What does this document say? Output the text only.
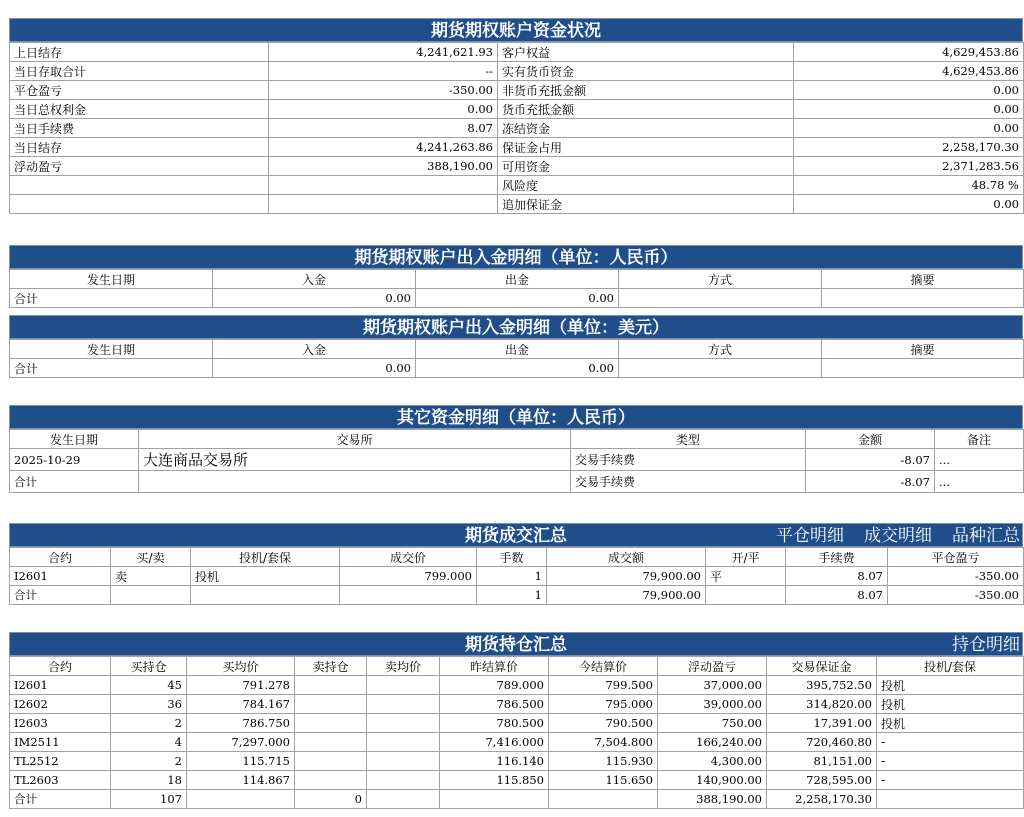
期货期权账户资金状况
上日结存	4,241,621.93	客户权益	4,629,453.86
当日存取合计	--	实有货币资金	4,629,453.86
平仓盈亏	-350.00	非货币充抵金额	0.00
当日总权利金	0.00	货币充抵金额	0.00
当日手续费	8.07	冻结资金	0.00
当日结存	4,241,263.86	保证金占用	2,258,170.30
浮动盈亏	388,190.00	可用资金	2,371,283.56
		风险度	48.78 %
		追加保证金	0.00
期货期权账户出入金明细（单位：人民币）
发生日期	入金	出金	方式	摘要
合计	0.00	0.00		
期货期权账户出入金明细（单位：美元）
发生日期	入金	出金	方式	摘要
合计	0.00	0.00		
其它资金明细（单位：人民币）
发生日期	交易所	类型	金额	备注
2025-10-29	大连商品交易所	交易手续费	-8.07	...
合计		交易手续费	-8.07	...
期货成交汇总	平仓明细 成交明细 品种汇总
合约	买/卖	投机/套保	成交价	手数	成交额	开/平	手续费	平仓盈亏
I2601	卖	投机	799.000	1	79,900.00	平	8.07	-350.00
合计				1	79,900.00		8.07	-350.00
期货持仓汇总	持仓明细
合约	买持仓	买均价	卖持仓	卖均价	昨结算价	今结算价	浮动盈亏	交易保证金	投机/套保
I2601	45	791.278			789.000	799.500	37,000.00	395,752.50	投机
I2602	36	784.167			786.500	795.000	39,000.00	314,820.00	投机
I2603	2	786.750			780.500	790.500	750.00	17,391.00	投机
IM2511	4	7,297.000			7,416.000	7,504.800	166,240.00	720,460.80	-
TL2512	2	115.715			116.140	115.930	4,300.00	81,151.00	-
TL2603	18	114.867			115.850	115.650	140,900.00	728,595.00	-
合计	107		0				388,190.00	2,258,170.30	
